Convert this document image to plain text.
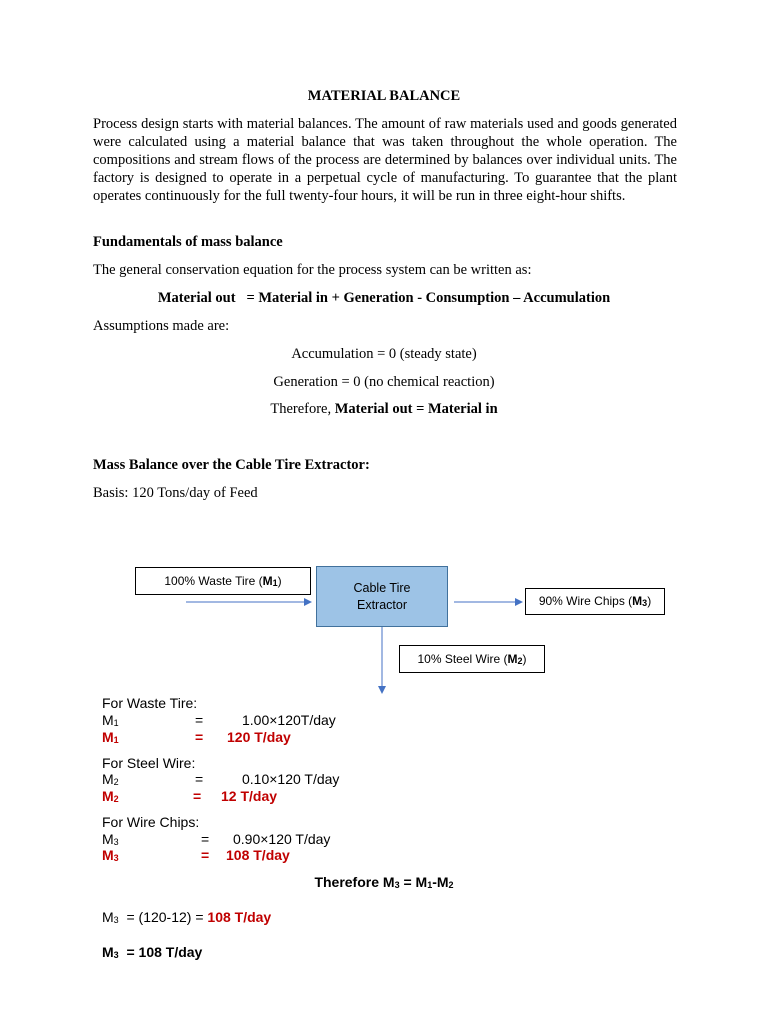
MATERIAL BALANCE
Process design starts with material balances. The amount of raw materials used and goods generated were calculated using a material balance that was taken throughout the whole operation. The compositions and stream flows of the process are determined by balances over individual units. The factory is designed to operate in a perpetual cycle of manufacturing. To guarantee that the plant operates continuously for the full twenty-four hours, it will be run in three eight-hour shifts.
Fundamentals of mass balance
The general conservation equation for the process system can be written as:
Material out = Material in + Generation - Consumption – Accumulation
Assumptions made are:
Accumulation = 0 (steady state)
Generation = 0 (no chemical reaction)
Therefore, Material out = Material in
Mass Balance over the Cable Tire Extractor:
Basis: 120 Tons/day of Feed
100% Waste Tire $(M_1)$	Cable Tire
Extractor	90% Wire Chips $(M_3)$
10% Steel Wire $(M_2)$
For Waste Tire:
$M_1$	=	1.00×120T/day
$M_1$	= 120 T/day
For Steel Wire:
$M_2$	=	0.10×120 T/day
$M_2$	= 12 T/day
For Wire Chips:
$M_3$	= 0.90×120 T/day
$M_3$	= 108 T/day
Therefore $M_3 = M_1-M_2$
$M_3 = (120-12) = 108$ T/day
$M_3 = 108$ T/day
